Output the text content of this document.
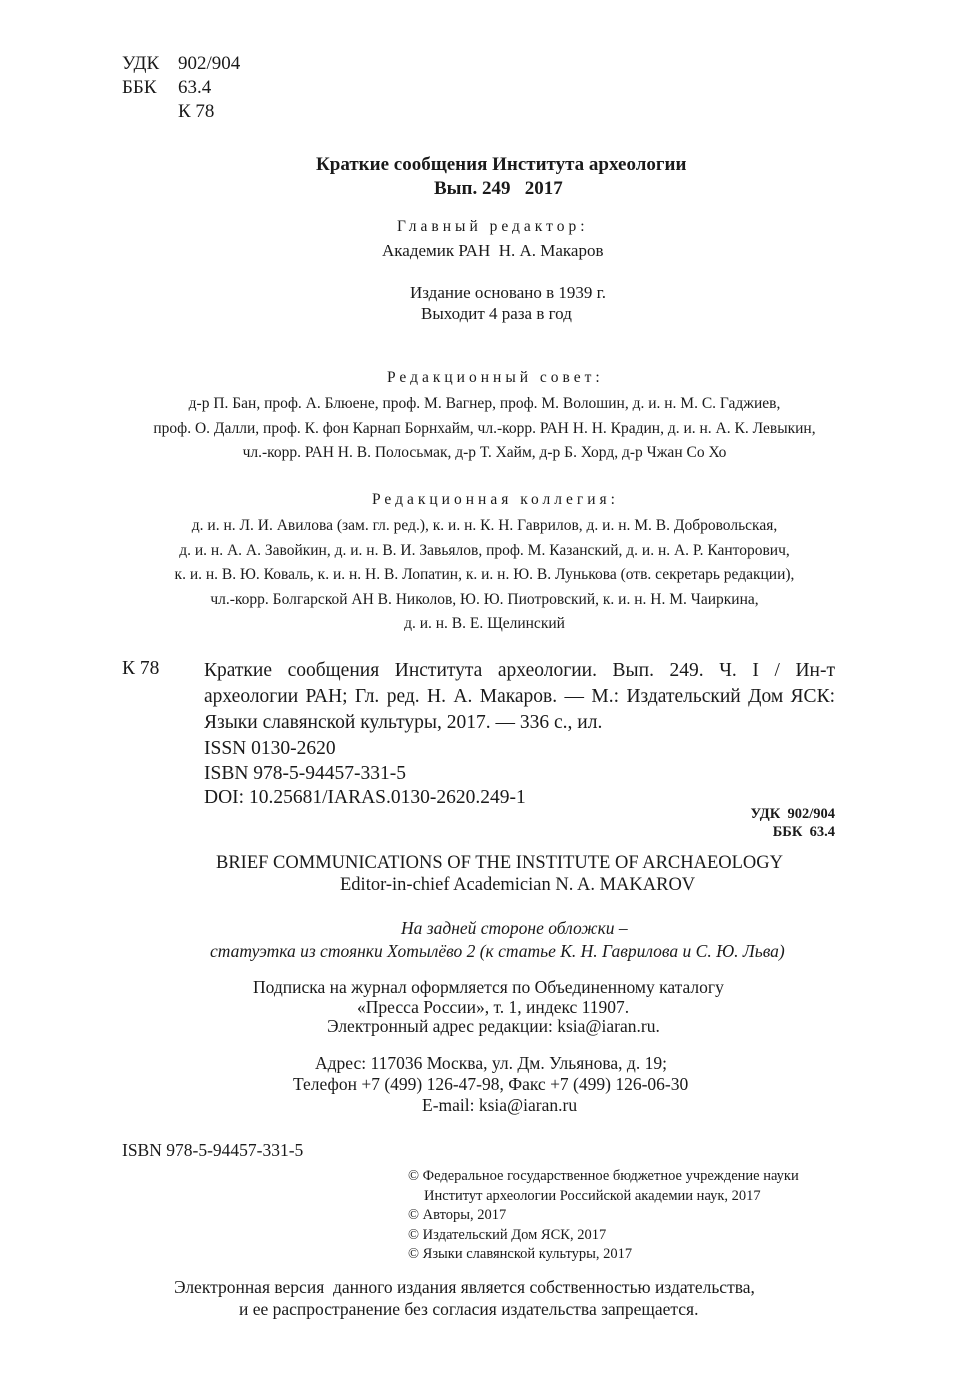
УДК 902/904
ББК 63.4
К 78
Краткие сообщения Института археологии
Вып. 249   2017
Главный редактор:
Академик РАН  Н. А. Макаров
Издание основано в 1939 г.
Выходит 4 раза в год
Редакционный совет:
д-р П. Бан, проф. А. Блюене, проф. М. Вагнер, проф. М. Волошин, д. и. н. М. С. Гаджиев,
проф. О. Далли, проф. К. фон Карнап Борнхайм, чл.-корр. РАН Н. Н. Крадин, д. и. н. А. К. Левыкин,
чл.-корр. РАН Н. В. Полосьмак, д-р Т. Хайм, д-р Б. Хорд, д-р Чжан Со Хо
Редакционная коллегия:
д. и. н. Л. И. Авилова (зам. гл. ред.), к. и. н. К. Н. Гаврилов, д. и. н. М. В. Добровольская,
д. и. н. А. А. Завойкин, д. и. н. В. И. Завьялов, проф. М. Казанский, д. и. н. А. Р. Канторович,
к. и. н. В. Ю. Коваль, к. и. н. Н. В. Лопатин, к. и. н. Ю. В. Лунькова (отв. секретарь редакции),
чл.-корр. Болгарской АН В. Николов, Ю. Ю. Пиотровский, к. и. н. Н. М. Чаиркина,
д. и. н. В. Е. Щелинский
К 78 Краткие сообщения Института археологии. Вып. 249. Ч. I / Ин-т археологии РАН; Гл. ред. Н. А. Макаров. — М.: Издательский Дом ЯСК: Языки славянской культуры, 2017. — 336 с., ил.
ISSN 0130-2620
ISBN 978-5-94457-331-5
DOI: 10.25681/IARAS.0130-2620.249-1
УДК  902/904
ББК  63.4
BRIEF COMMUNICATIONS OF THE INSTITUTE OF ARCHAEOLOGY
Editor-in-chief Academician N. A. MAKAROV
На задней стороне обложки –
статуэтка из стоянки Хотылёво 2 (к статье К. Н. Гаврилова и С. Ю. Льва)
Подписка на журнал оформляется по Объединенному каталогу
«Пресса России», т. 1, индекс 11907.
Электронный адрес редакции: ksia@iaran.ru.
Адрес: 117036 Москва, ул. Дм. Ульянова, д. 19;
Телефон +7 (499) 126-47-98, Факс +7 (499) 126-06-30
E-mail: ksia@iaran.ru
ISBN 978-5-94457-331-5
© Федеральное государственное бюджетное учреждение науки
Институт археологии Российской академии наук, 2017
© Авторы, 2017
© Издательский Дом ЯСК, 2017
© Языки славянской культуры, 2017
Электронная версия  данного издания является собственностью издательства,
и ее распространение без согласия издательства запрещается.
